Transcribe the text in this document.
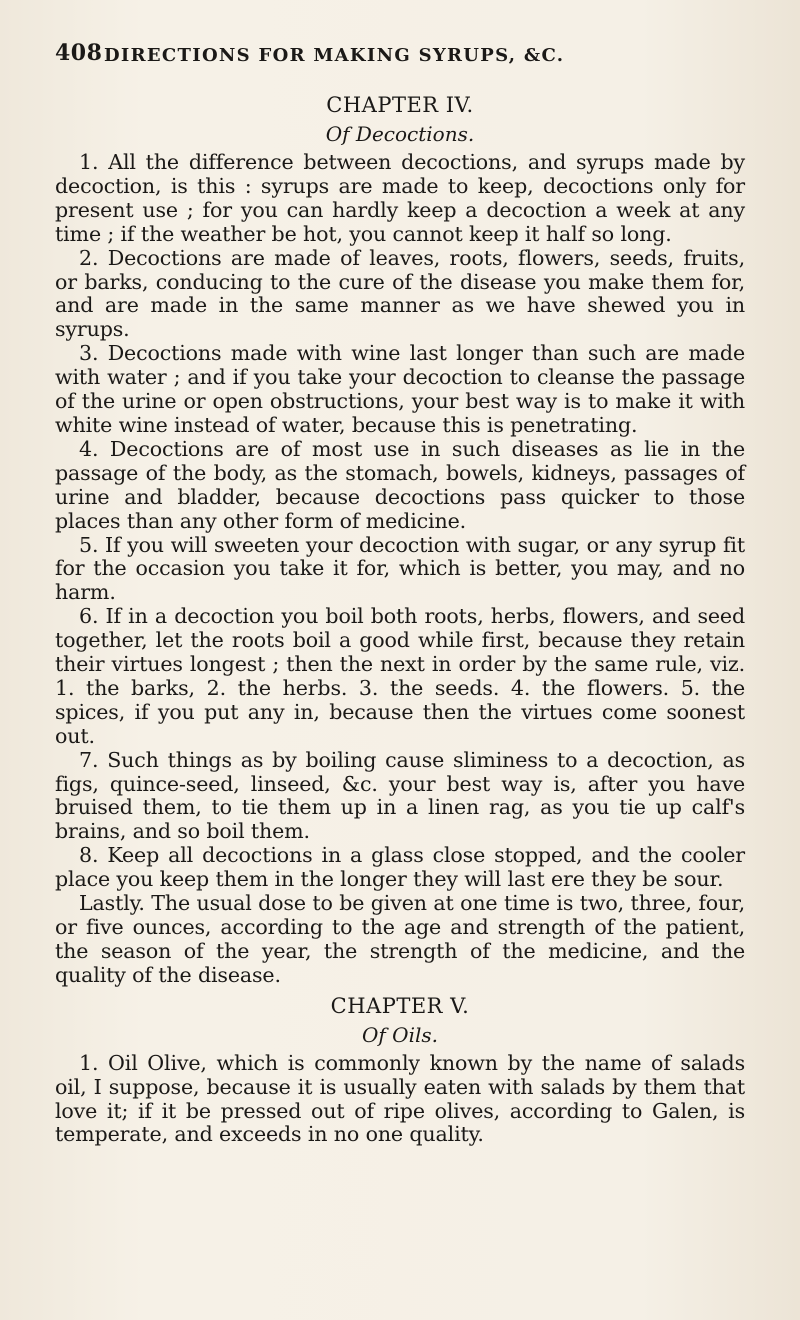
408 DIRECTIONS FOR MAKING SYRUPS, &C.
CHAPTER IV.
Of Decoctions.

1. All the difference between decoctions, and syrups made by decoction, is this : syrups are made to keep, decoctions only for present use ; for you can hardly keep a decoction a week at any time ; if the weather be hot, you cannot keep it half so long.

2. Decoctions are made of leaves, roots, flowers, seeds, fruits, or barks, conducing to the cure of the disease you make them for, and are made in the same manner as we have shewed you in syrups.

3. Decoctions made with wine last longer than such are made with water ; and if you take your decoction to cleanse the passage of the urine or open obstructions, your best way is to make it with white wine instead of water, because this is penetrating.

4. Decoctions are of most use in such diseases as lie in the passage of the body, as the stomach, bowels, kidneys, passages of urine and bladder, because decoctions pass quicker to those places than any other form of medicine.

5. If you will sweeten your decoction with sugar, or any syrup fit for the occasion you take it for, which is better, you may, and no harm.

6. If in a decoction you boil both roots, herbs, flowers, and seed together, let the roots boil a good while first, because they retain their virtues longest ; then the next in order by the same rule, viz. 1. the barks, 2. the herbs. 3. the seeds. 4. the flowers. 5. the spices, if you put any in, because then the virtues come soonest out.

7. Such things as by boiling cause sliminess to a decoction, as figs, quince-seed, linseed, &c. your best way is, after you have bruised them, to tie them up in a linen rag, as you tie up calf's brains, and so boil them.

8. Keep all decoctions in a glass close stopped, and the cooler place you keep them in the longer they will last ere they be sour.

Lastly. The usual dose to be given at one time is two, three, four, or five ounces, according to the age and strength of the patient, the season of the year, the strength of the medicine, and the quality of the disease.

CHAPTER V.
Of Oils.

1. Oil Olive, which is commonly known by the name of salads oil, I suppose, because it is usually eaten with salads by them that love it; if it be pressed out of ripe olives, according to Galen, is temperate, and exceeds in no one quality.
